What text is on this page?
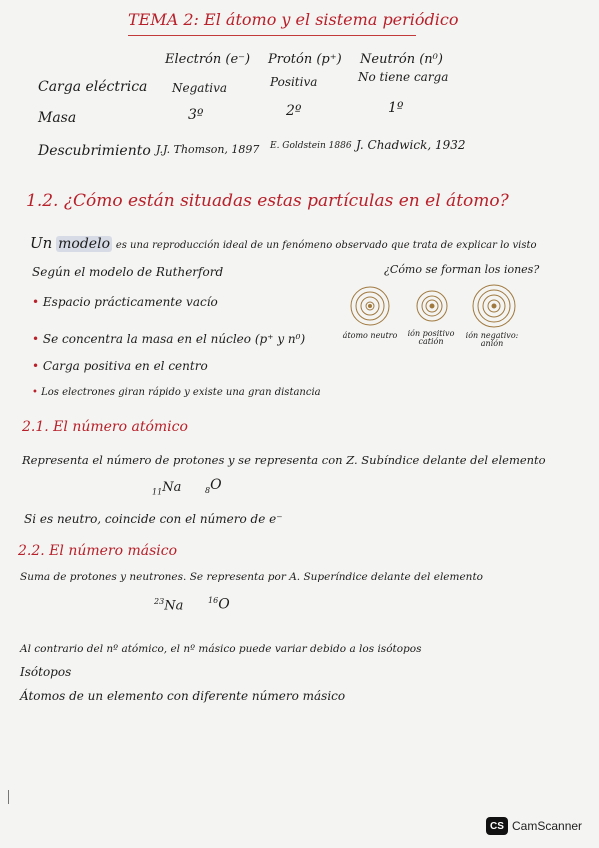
TEMA 2: El átomo y el sistema periódico
Electrón (e⁻) Protón (p⁺) Neutrón (n⁰)
Carga eléctrica Negativa	Positiva	No tiene carga
Masa	3º	2º	1º
Descubrimiento J.J. Thomson, 1897 E. Goldstein 1886 J. Chadwick, 1932
1.2. ¿Cómo están situadas estas partículas en el átomo?
Un modelo es una reproducción ideal de un fenómeno observado que trata de explicar lo visto
Según el modelo de Rutherford	¿Cómo se forman los iones?
• Espacio prácticamente vacío
• Se concentra la masa en el núcleo (p⁺ y n⁰)
• Carga positiva en el centro
• Los electrones giran rápido y existe una gran distancia
átomo neutro	ión positivo catión
ión negativo: anión
2.1. El número atómico
Representa el número de protones y se representa con Z. Subíndice delante del elemento
$_{11}$Na	$_8$O
Si es neutro, coincide con el número de e⁻
2.2. El número másico
Suma de protones y neutrones. Se representa por A. Superíndice delante del elemento
$^{23}$Na	$^{16}$O
Al contrario del nº atómico, el nº másico puede variar debido a los isótopos
Isótopos
Átomos de un elemento con diferente número másico
CS CamScanner
